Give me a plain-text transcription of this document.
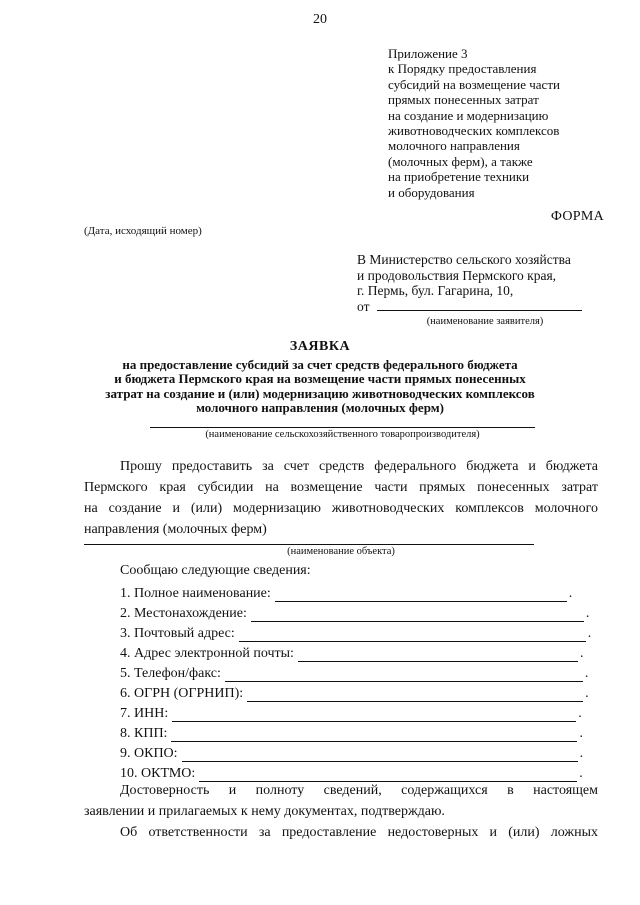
20
Приложение 3
к Порядку предоставления
субсидий на возмещение части
прямых понесенных затрат
на создание и модернизацию
животноводческих комплексов
молочного направления
(молочных ферм), а также
на приобретение техники
и оборудования
ФОРМА
(Дата, исходящий номер)
В Министерство сельского хозяйства
и продовольствия Пермского края,
г. Пермь, бул. Гагарина, 10,
от
(наименование заявителя)
ЗАЯВКА
на предоставление субсидий за счет средств федерального бюджета
и бюджета Пермского края на возмещение части прямых понесенных
затрат на создание и (или) модернизацию животноводческих комплексов
молочного направления (молочных ферм)
(наименование сельскохозяйственного товаропроизводителя)
Прошу предоставить за счет средств федерального бюджета и бюджета
Пермского края субсидии на возмещение части прямых понесенных затрат
на создание и (или) модернизацию животноводческих комплексов молочного
направления (молочных ферм)
(наименование объекта)
Сообщаю следующие сведения:
1. Полное наименование:	.
2. Местонахождение:	.
3. Почтовый адрес:	.
4. Адрес электронной почты:	.
5. Телефон/факс:	.
6. ОГРН (ОГРНИП):	.
7. ИНН:	.
8. КПП:	.
9. ОКПО:	.
10. ОКТМО:	.
Достоверность и полноту сведений, содержащихся в настоящем
заявлении и прилагаемых к нему документах, подтверждаю.
Об ответственности за предоставление недостоверных и (или) ложных
